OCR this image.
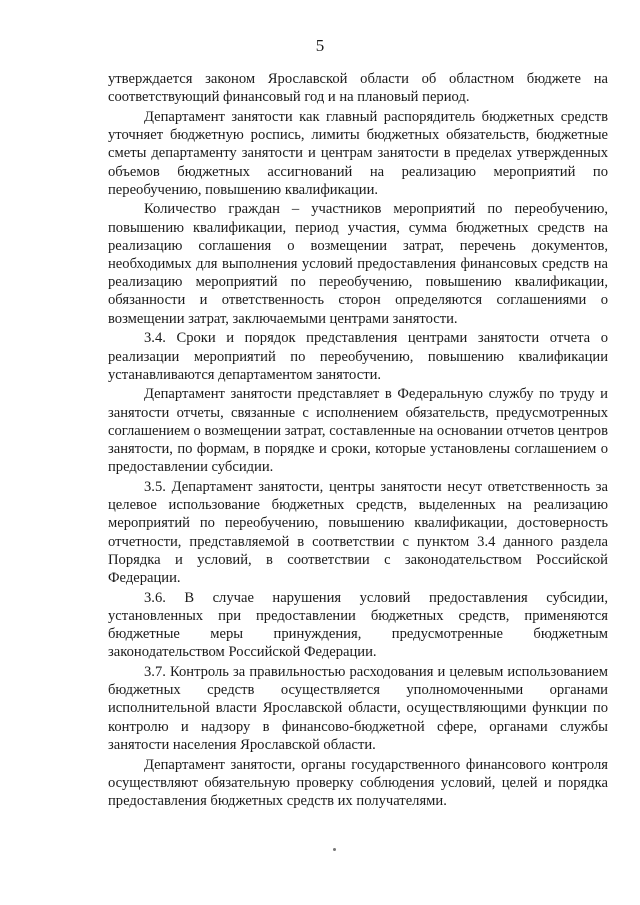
5

утверждается законом Ярославской области об областном бюджете на соответствующий финансовый год и на плановый период.

Департамент занятости как главный распорядитель бюджетных средств уточняет бюджетную роспись, лимиты бюджетных обязательств, бюджетные сметы департаменту занятости и центрам занятости в пределах утвержденных объемов бюджетных ассигнований на реализацию мероприятий по переобучению, повышению квалификации.

Количество граждан – участников мероприятий по переобучению, повышению квалификации, период участия, сумма бюджетных средств на реализацию соглашения о возмещении затрат, перечень документов, необходимых для выполнения условий предоставления финансовых средств на реализацию мероприятий по переобучению, повышению квалификации, обязанности и ответственность сторон определяются соглашениями о возмещении затрат, заключаемыми центрами занятости.

3.4. Сроки и порядок представления центрами занятости отчета о реализации мероприятий по переобучению, повышению квалификации устанавливаются департаментом занятости.

Департамент занятости представляет в Федеральную службу по труду и занятости отчеты, связанные с исполнением обязательств, предусмотренных соглашением о возмещении затрат, составленные на основании отчетов центров занятости, по формам, в порядке и сроки, которые установлены соглашением о предоставлении субсидии.

3.5. Департамент занятости, центры занятости несут ответственность за целевое использование бюджетных средств, выделенных на реализацию мероприятий по переобучению, повышению квалификации, достоверность отчетности, представляемой в соответствии с пунктом 3.4 данного раздела Порядка и условий, в соответствии с законодательством Российской Федерации.

3.6. В случае нарушения условий предоставления субсидии, установленных при предоставлении бюджетных средств, применяются бюджетные меры принуждения, предусмотренные бюджетным законодательством Российской Федерации.

3.7. Контроль за правильностью расходования и целевым использованием бюджетных средств осуществляется уполномоченными органами исполнительной власти Ярославской области, осуществляющими функции по контролю и надзору в финансово-бюджетной сфере, органами службы занятости населения Ярославской области.

Департамент занятости, органы государственного финансового контроля осуществляют обязательную проверку соблюдения условий, целей и порядка предоставления бюджетных средств их получателями.
